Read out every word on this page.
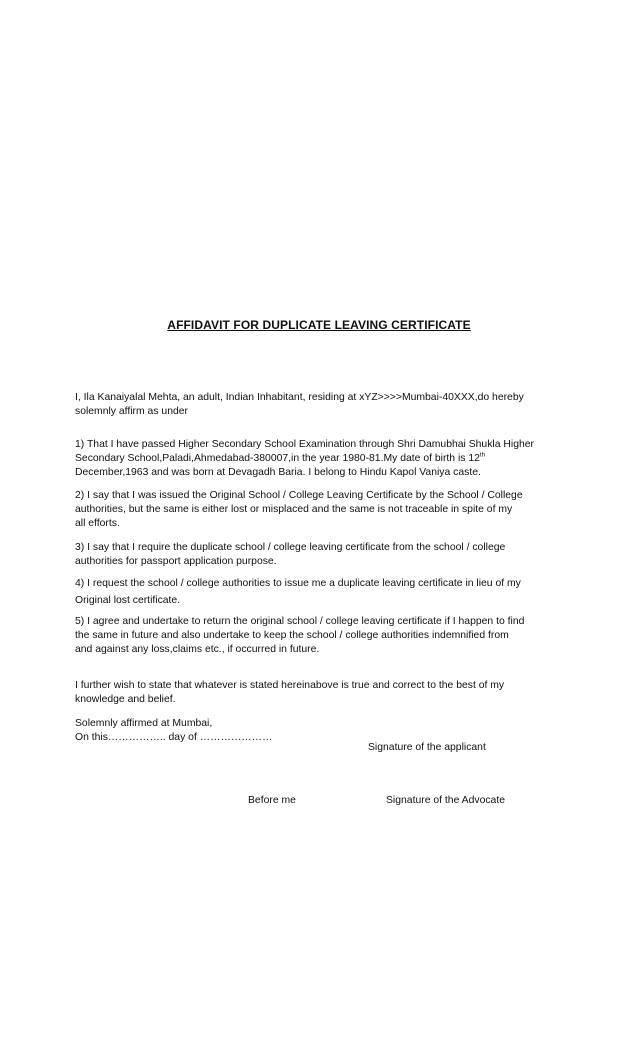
AFFIDAVIT FOR DUPLICATE LEAVING CERTIFICATE
I, Ila Kanaiyalal Mehta, an adult, Indian Inhabitant, residing at xYZ>>>>Mumbai-40XXX,do hereby
solemnly affirm as under
1) That I have passed Higher Secondary School Examination through Shri Damubhai Shukla Higher
Secondary School,Paladi,Ahmedabad-380007,in the year 1980-81.My date of birth is 12th
December,1963 and was born at Devagadh Baria. I belong to Hindu Kapol Vaniya caste.
2) I say that I was issued the Original School / College Leaving Certificate by the School / College
authorities, but the same is either lost or misplaced and the same is not traceable in spite of my
all efforts.
3) I say that I require the duplicate school / college leaving certificate from the school / college
authorities for passport application purpose.
4) I request the school / college authorities to issue me a duplicate leaving certificate in lieu of my
Original lost certificate.
5) I agree and undertake to return the original school / college leaving certificate if I happen to find
the same in future and also undertake to keep the school / college authorities indemnified from
and against any loss,claims etc., if occurred in future.
I further wish to state that whatever is stated hereinabove is true and correct to the best of my
knowledge and belief.
Solemnly affirmed at Mumbai,
On this…………….. day of …………………
Signature of the applicant
Before me	Signature of the Advocate
